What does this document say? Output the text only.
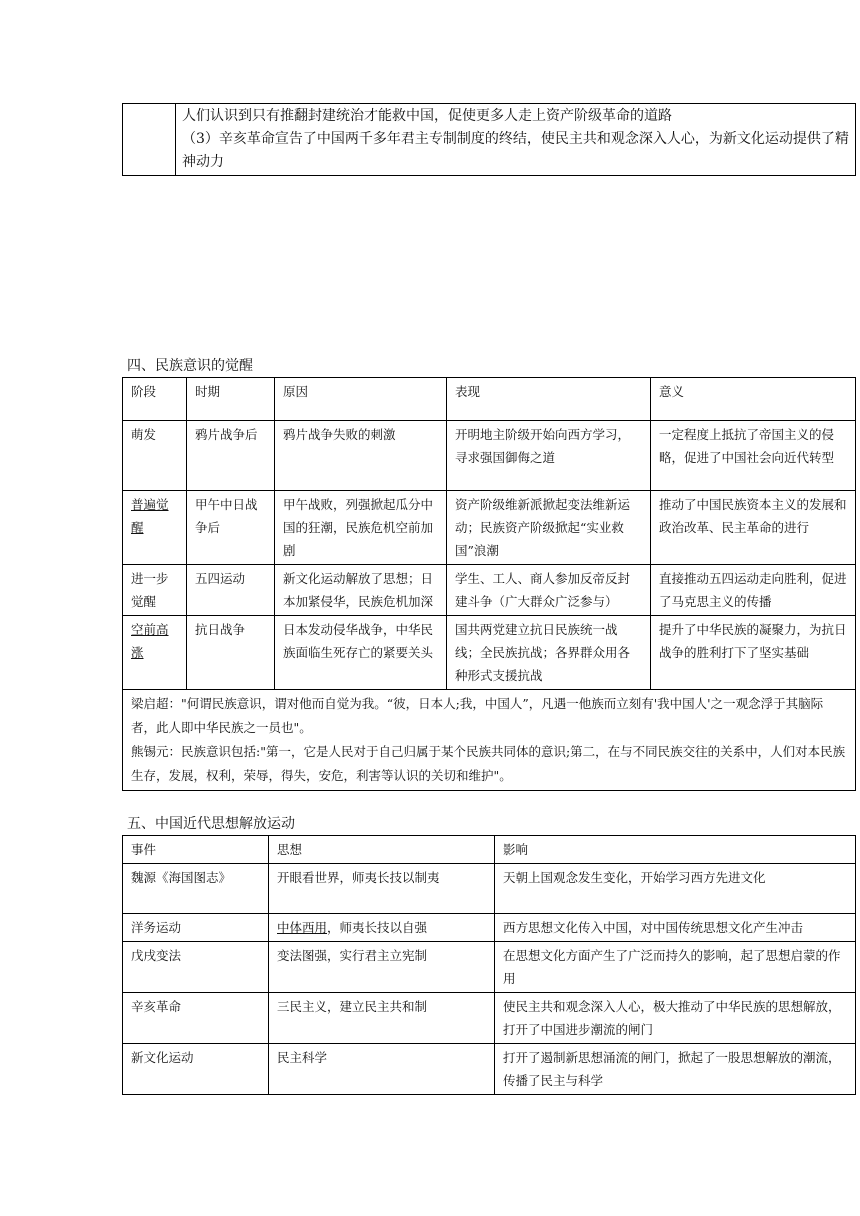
人们认识到只有推翻封建统治才能救中国，促使更多人走上资产阶级革命的道路
（3）辛亥革命宣告了中国两千多年君主专制制度的终结，使民主共和观念深入人心，为新文化运动提供了精神动力
四、民族意识的觉醒
阶段	时期	原因	表现	意义
萌发	鸦片战争后	鸦片战争失败的刺激	开明地主阶级开始向西方学习，寻求强国御侮之道	一定程度上抵抗了帝国主义的侵略，促进了中国社会向近代转型
普遍觉醒	甲午中日战争后	甲午战败，列强掀起瓜分中国的狂潮，民族危机空前加剧	资产阶级维新派掀起变法维新运动；民族资产阶级掀起“实业救国”浪潮	推动了中国民族资本主义的发展和政治改革、民主革命的进行
进一步觉醒	五四运动	新文化运动解放了思想；日本加紧侵华，民族危机加深	学生、工人、商人参加反帝反封建斗争（广大群众广泛参与）	直接推动五四运动走向胜利，促进了马克思主义的传播
空前高涨	抗日战争	日本发动侵华战争，中华民族面临生死存亡的紧要关头	国共两党建立抗日民族统一战线；全民族抗战；各界群众用各种形式支援抗战	提升了中华民族的凝聚力，为抗日战争的胜利打下了坚实基础

梁启超："何谓民族意识，谓对他而自觉为我。“彼，日本人;我，中国人”，凡遇一他族而立刻有'我中国人'之一观念浮于其脑际者，此人即中华民族之一员也"。
熊锡元：民族意识包括:"第一，它是人民对于自己归属于某个民族共同体的意识;第二，在与不同民族交往的关系中，人们对本民族生存，发展，权利，荣辱，得失，安危，利害等认识的关切和维护"。				
五、中国近代思想解放运动
事件	思想	影响
魏源《海国图志》	开眼看世界，师夷长技以制夷	天朝上国观念发生变化，开始学习西方先进文化
洋务运动	中体西用，师夷长技以自强	西方思想文化传入中国，对中国传统思想文化产生冲击
戊戌变法	变法图强，实行君主立宪制	在思想文化方面产生了广泛而持久的影响，起了思想启蒙的作用
辛亥革命	三民主义，建立民主共和制	使民主共和观念深入人心，极大推动了中华民族的思想解放，打开了中国进步潮流的闸门
新文化运动	民主科学	打开了遏制新思想涌流的闸门，掀起了一股思想解放的潮流，传播了民主与科学
